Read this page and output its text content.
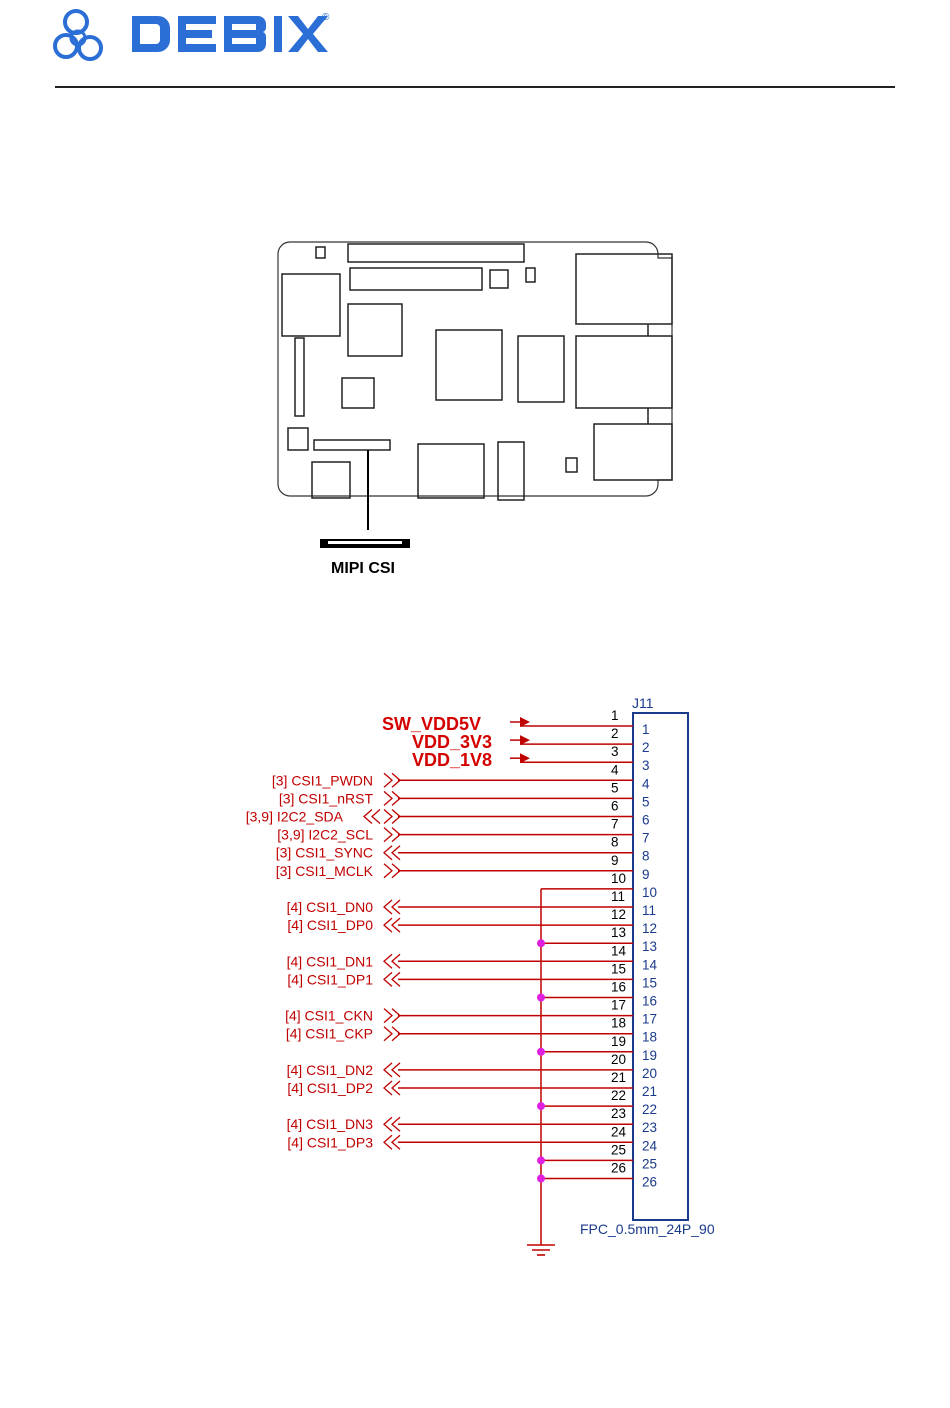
®
MIPI CSI
J11
FPC_0.5mm_24P_90
1
1
2
2
3
3
4
4
5
5
6
6
7
7
8
8
9
9
10
10
11
11
12
12
13
13
14
14
15
15
16
16
17
17
18
18
19
19
20
20
21
21
22
22
23
23
24
24
25
25
26
26
SW_VDD5V
VDD_3V3
VDD_1V8
[3] CSI1_PWDN
[3] CSI1_nRST
[3,9] I2C2_SDA
[3,9] I2C2_SCL
[3] CSI1_SYNC
[3] CSI1_MCLK
[4] CSI1_DN0
[4] CSI1_DP0
[4] CSI1_DN1
[4] CSI1_DP1
[4] CSI1_CKN
[4] CSI1_CKP
[4] CSI1_DN2
[4] CSI1_DP2
[4] CSI1_DN3
[4] CSI1_DP3
